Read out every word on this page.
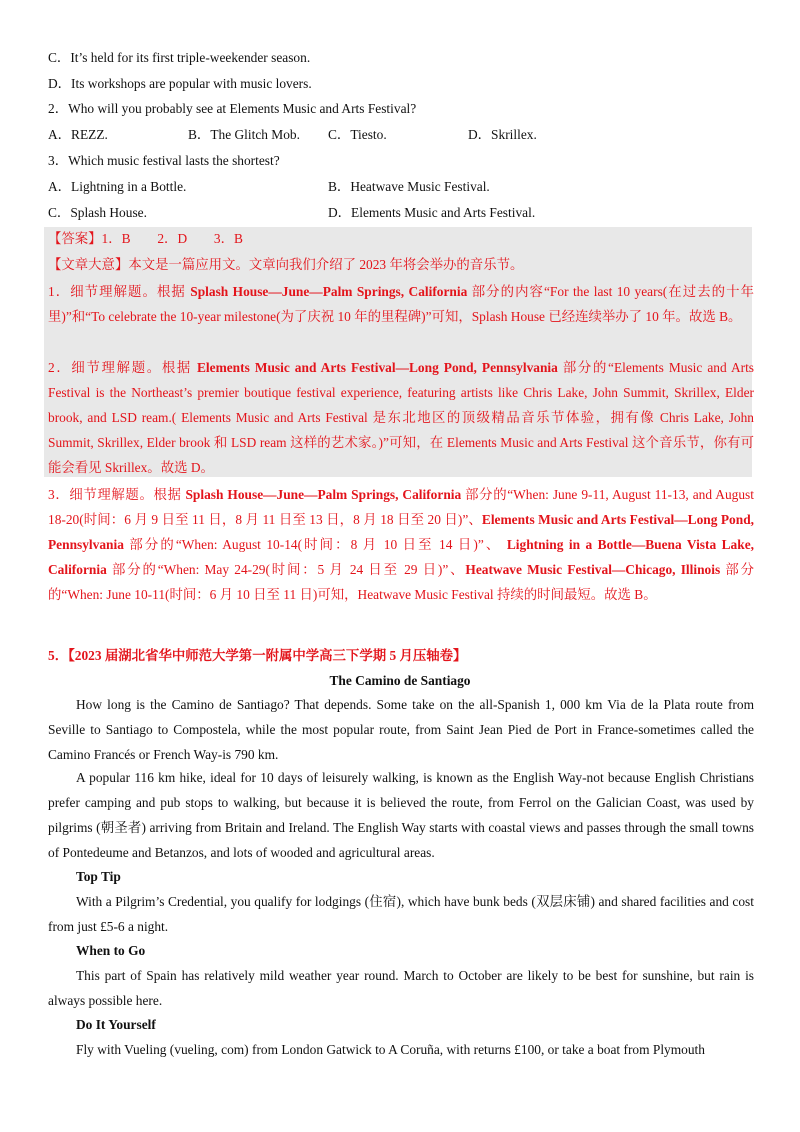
C．It’s held for its first triple-weekender season.
D．Its workshops are popular with music lovers.
2．Who will you probably see at Elements Music and Arts Festival?
A．REZZ.	B．The Glitch Mob. C．Tiesto.	D．Skrillex.
3．Which music festival lasts the shortest?
A．Lightning in a Bottle.	B．Heatwave Music Festival.
C．Splash House.	D．Elements Music and Arts Festival.
【答案】1．B　　2．D　　3．B
【文章大意】本文是一篇应用文。文章向我们介绍了 2023 年将会举办的音乐节。
1．细节理解题。根据 Splash House—June—Palm Springs, California 部分的内容“For the last 10 years(在过去的十年里)”和“To celebrate the 10-year milestone(为了庆祝 10 年的里程碑)”可知，Splash House 已经连续举办了 10 年。故选 B。
2．细节理解题。根据 Elements Music and Arts Festival—Long Pond, Pennsylvania 部分的“Elements Music and Arts Festival is the Northeast’s premier boutique festival experience, featuring artists like Chris Lake, John Summit, Skrillex, Elder brook, and LSD ream.( Elements Music and Arts Festival 是东北地区的顶级精品音乐节体验，拥有像 Chris Lake, John Summit, Skrillex, Elder brook 和 LSD ream 这样的艺术家。)”可知，在 Elements Music and Arts Festival 这个音乐节，你有可能会看见 Skrillex。故选 D。
3．细节理解题。根据 Splash House—June—Palm Springs, California 部分的“When: June 9-11, August 11-13, and August 18-20(时间：6 月 9 日至 11 日，8 月 11 日至 13 日，8 月 18 日至 20 日)”、Elements Music and Arts Festival—Long Pond, Pennsylvania 部分的“When: August 10-14(时间：8 月 10 日至 14 日)”、 Lightning in a Bottle—Buena Vista Lake, California 部分的“When: May 24-29(时间：5 月 24 日至 29 日)”、Heatwave Music Festival—Chicago, Illinois 部分的“When: June 10-11(时间：6 月 10 日至 11 日)可知，Heatwave Music Festival 持续的时间最短。故选 B。
5．【2023 届湖北省华中师范大学第一附属中学高三下学期 5 月压轴卷】
The Camino de Santiago
How long is the Camino de Santiago? That depends. Some take on the all-Spanish 1, 000 km Via de la Plata route from Seville to Santiago to Compostela, while the most popular route, from Saint Jean Pied de Port in France-sometimes called the Camino Francés or French Way-is 790 km.
A popular 116 km hike, ideal for 10 days of leisurely walking, is known as the English Way-not because English Christians prefer camping and pub stops to walking, but because it is believed the route, from Ferrol on the Galician Coast, was used by pilgrims (朝圣者) arriving from Britain and Ireland. The English Way starts with coastal views and passes through the small towns of Pontedeume and Betanzos, and lots of wooded and agricultural areas.
Top Tip
With a Pilgrim’s Credential, you qualify for lodgings (住宿), which have bunk beds (双层床铺) and shared facilities and cost from just £5-6 a night.
When to Go
This part of Spain has relatively mild weather year round. March to October are likely to be best for sunshine, but rain is always possible here.
Do It Yourself
Fly with Vueling (vueling, com) from London Gatwick to A Coruña, with returns £100, or take a boat from Plymouth
